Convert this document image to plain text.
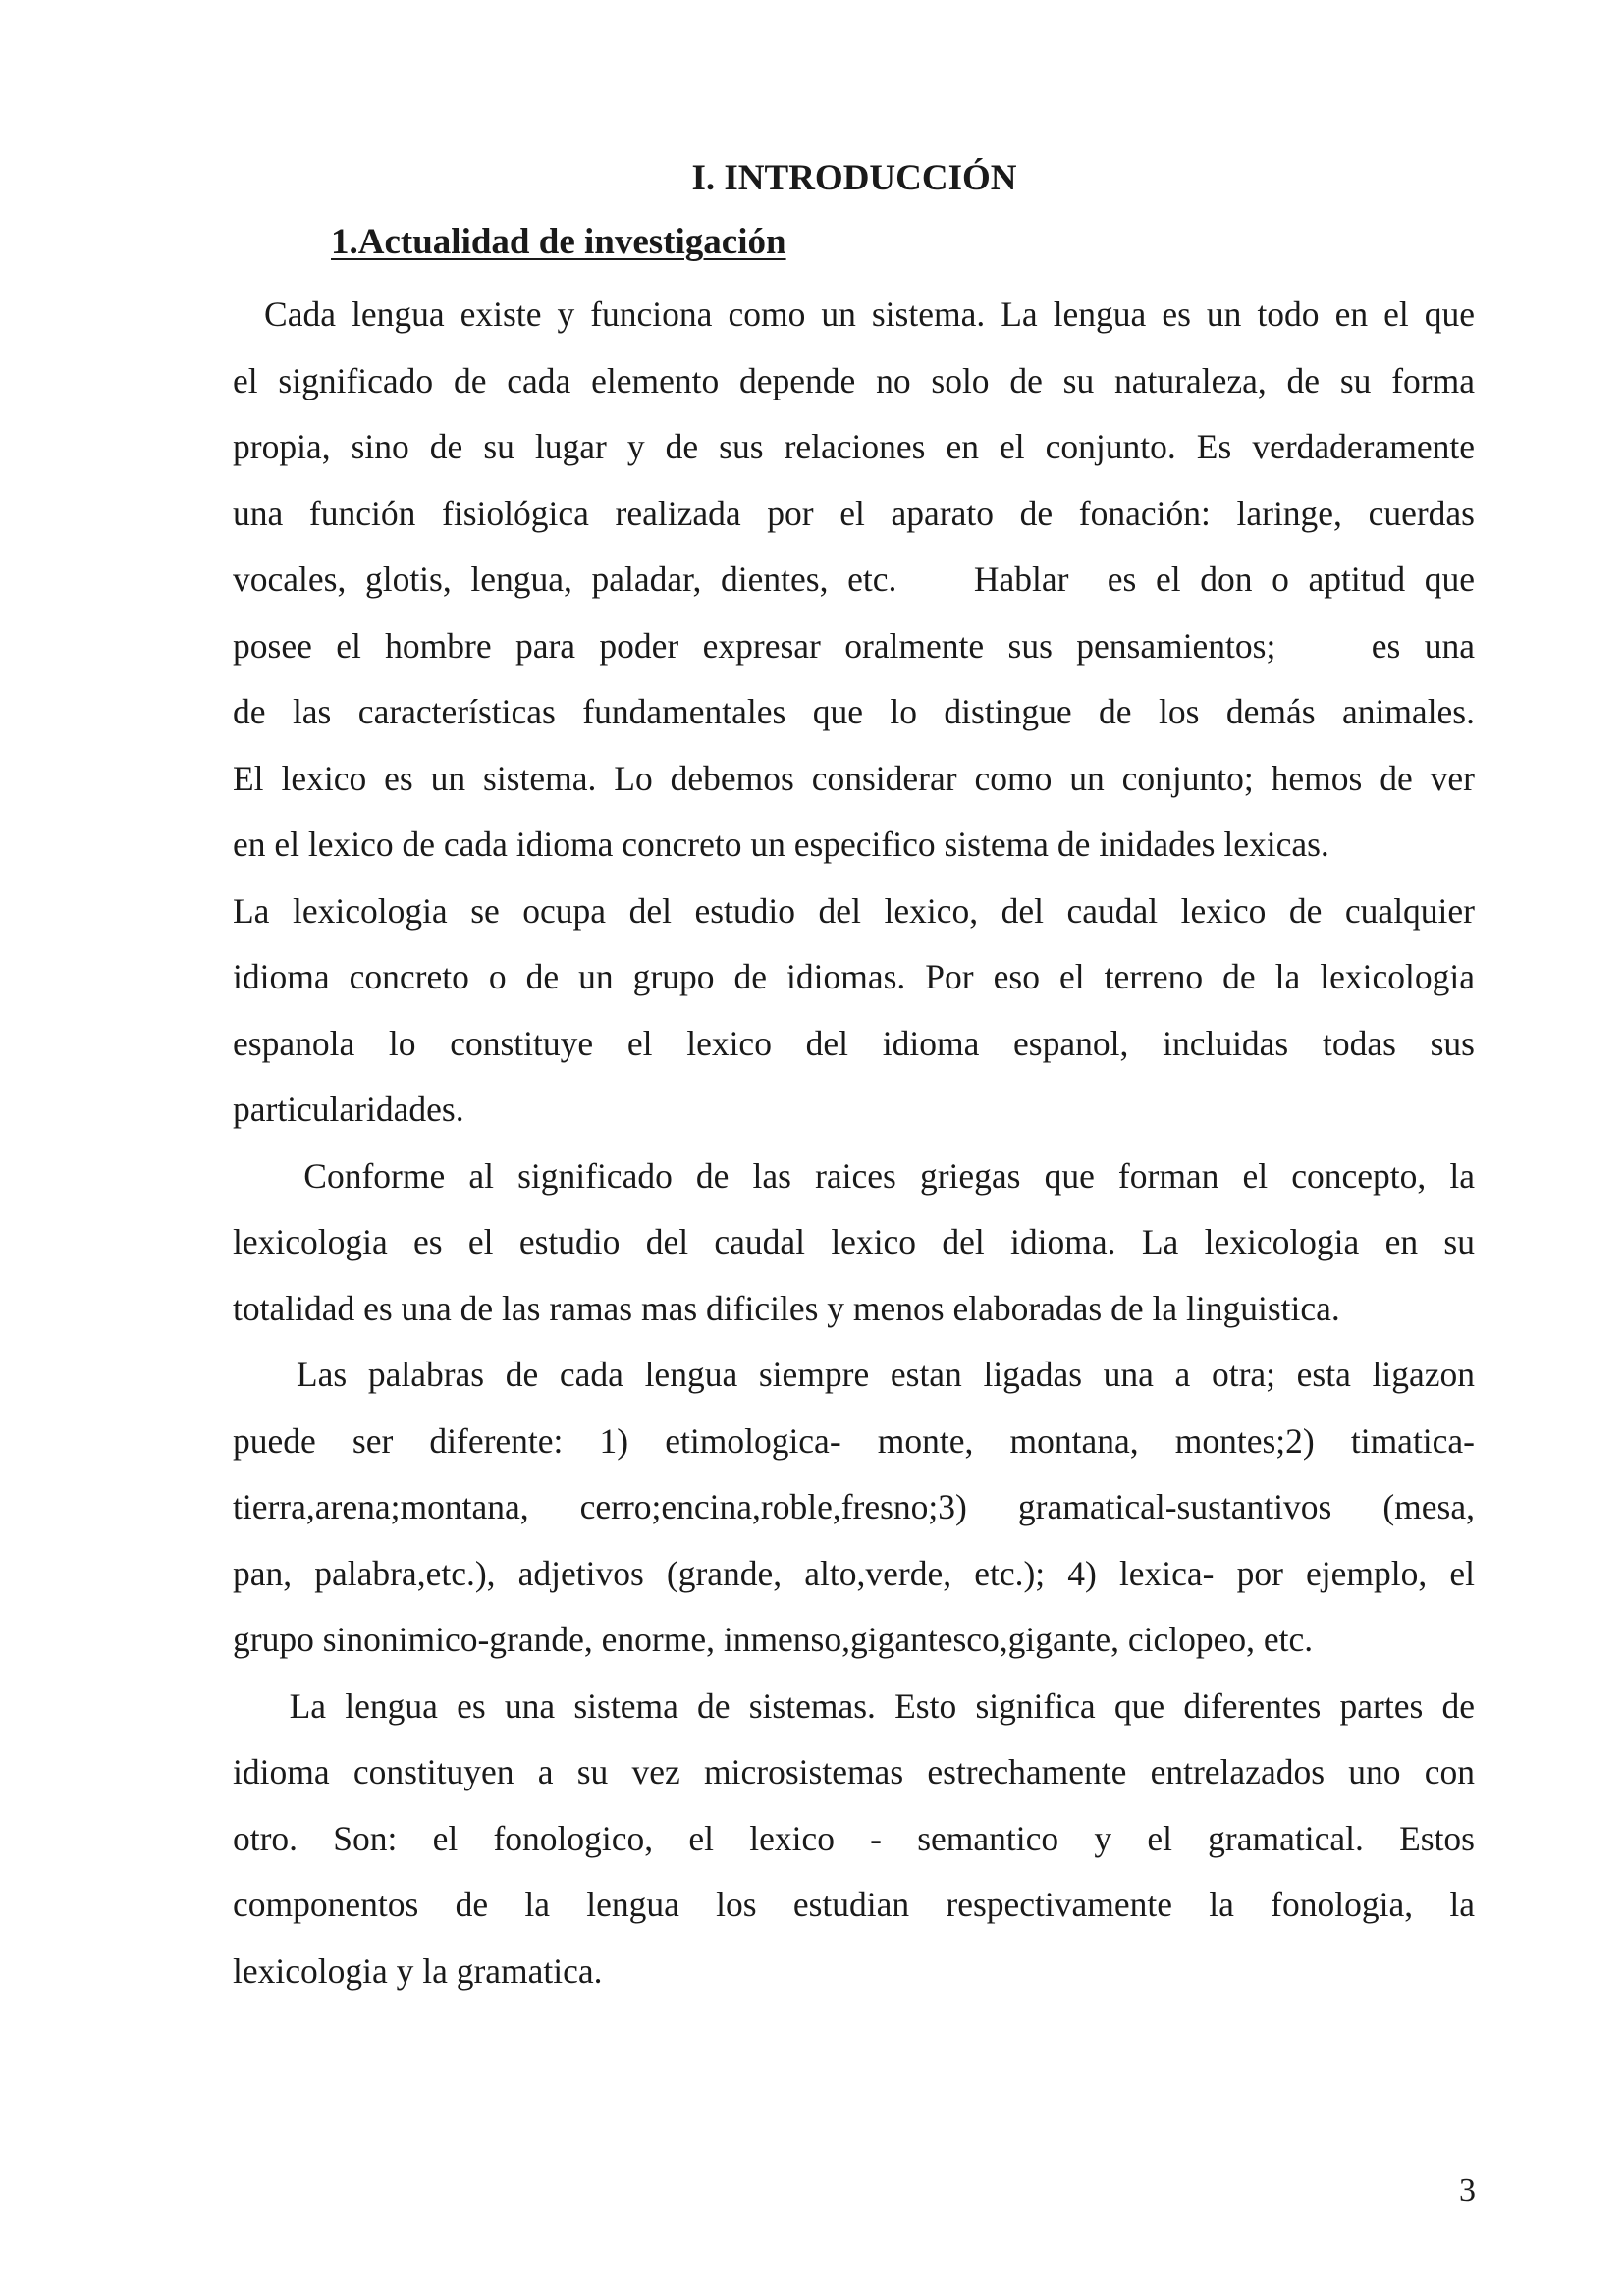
I. INTRODUCCIÓN
1.Actualidad de investigación
Cada lengua existe y funciona como un sistema. La lengua es un todo en el que
el significado de cada elemento depende no solo de su naturaleza, de su forma
propia, sino de su lugar y de sus relaciones en el conjunto. Es verdaderamente
una función fisiológica realizada por el aparato de fonación: laringe, cuerdas
vocales, glotis, lengua, paladar, dientes, etc.    Hablar  es el don o aptitud que
posee el hombre para poder expresar oralmente sus pensamientos;    es una
de las características fundamentales que lo distingue de los demás animales.
El lexico es un sistema. Lo debemos considerar como un conjunto; hemos de ver
en el lexico de cada idioma concreto un especifico sistema de inidades lexicas.
La lexicologia se ocupa del estudio del lexico, del caudal lexico de cualquier
idioma concreto o de un grupo de idiomas. Por eso el terreno de la lexicologia
espanola lo constituye el lexico del idioma espanol, incluidas todas sus
particularidades.
Conforme al significado de las raices griegas que forman el concepto, la
lexicologia es el estudio del caudal lexico del idioma. La lexicologia en su
totalidad es una de las ramas mas dificiles y menos elaboradas de la linguistica.
Las palabras de cada lengua siempre estan ligadas una a otra; esta ligazon
puede ser diferente: 1) etimologica- monte, montana, montes;2) timatica-
tierra,arena;montana, cerro;encina,roble,fresno;3) gramatical-sustantivos (mesa,
pan, palabra,etc.), adjetivos (grande, alto,verde, etc.); 4) lexica- por ejemplo, el
grupo sinonimico-grande, enorme, inmenso,gigantesco,gigante, ciclopeo, etc.
La lengua es una sistema de sistemas. Esto significa que diferentes partes de
idioma constituyen a su vez microsistemas estrechamente entrelazados uno con
otro. Son: el fonologico, el lexico - semantico y el gramatical. Estos
componentos de la lengua los estudian respectivamente la fonologia, la
lexicologia y la gramatica.
3
